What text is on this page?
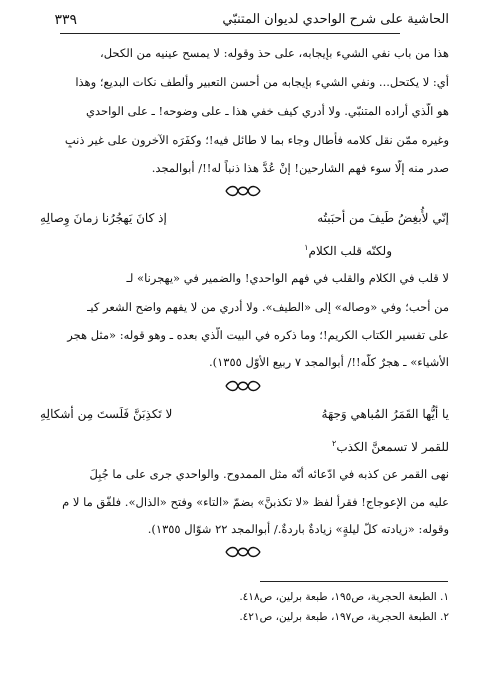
٣٣٩	الحاشية على شرح الواحدي لديوان المتنبّي
هذا من باب نفي الشيء بإيجابه، على حذ وقوله: لا يمسح عينيه من الكحل،
أي: لا يكتحل... ونفي الشيء بإيجابه من أحسن التعبير وألطف نكات البديع؛ وهذا
هو الّذي أراده المتنبّي. ولا أدري كيف خفي هذا ـ على وضوحه! ـ على الواحدي
وغيره ممّن نقل كلامه فأطال وجاء بما لا طائل فيه!؛ وكفَرَه الآخرون على غير ذنبٍ
صدر منه إلّا سوء فهم الشارحين! إنْ عُدَّ هذا ذنباً له!!/ أبوالمجد.
إنّي لأُبغِضُ طَيفَ من أحبَبتُه
إذ كانَ يَهجُرُنا زمانَ وِصالِهِ
ولكنّه قلب الكلام$^١$
لا قلب في الكلام والقلب في فهم الواحدي! والضمير في «يهجرنا» لـ
من أحب؛ وفي «وصاله» إلى «الطيف». ولا أدري من لا يفهم واضح الشعر كيـ
على تفسير الكتاب الكريم!؛ وما ذكره في البيت الّذي بعده ـ وهو قوله: «مثل هجر
الأشياء» ـ هجرٌ كلُّه!!/ أبوالمجد ٧ ربيع الأوّل ١٣٥٥).
يا أيُّها القَمَرُ المُباهي وَجهَهُ
لا تَكذِبَنَّ فَلَستَ مِن أشكالِهِ
للقمر لا تسمعنَّ الكذب$^٢$
نهى القمر عن كذبه في ادّعائه أنّه مثل الممدوح. والواحدي جرى على ما جُبِلَ
عليه من الإعوجاج! فقرأ لفظ «لا تكذبنَّ» بضمّ «التاء» وفتح «الذال». فلفّق ما لا م
وقوله: «زيادته كلّ ليلةٍ» زيادةٌ باردةٌ./ أبوالمجد ٢٢ شوّال ١٣٥٥).
١. الطبعة الحجرية، ص١٩٥، طبعة برلين، ص٤١٨.
٢. الطبعة الحجرية، ص١٩٧، طبعة برلين، ص٤٢١.
